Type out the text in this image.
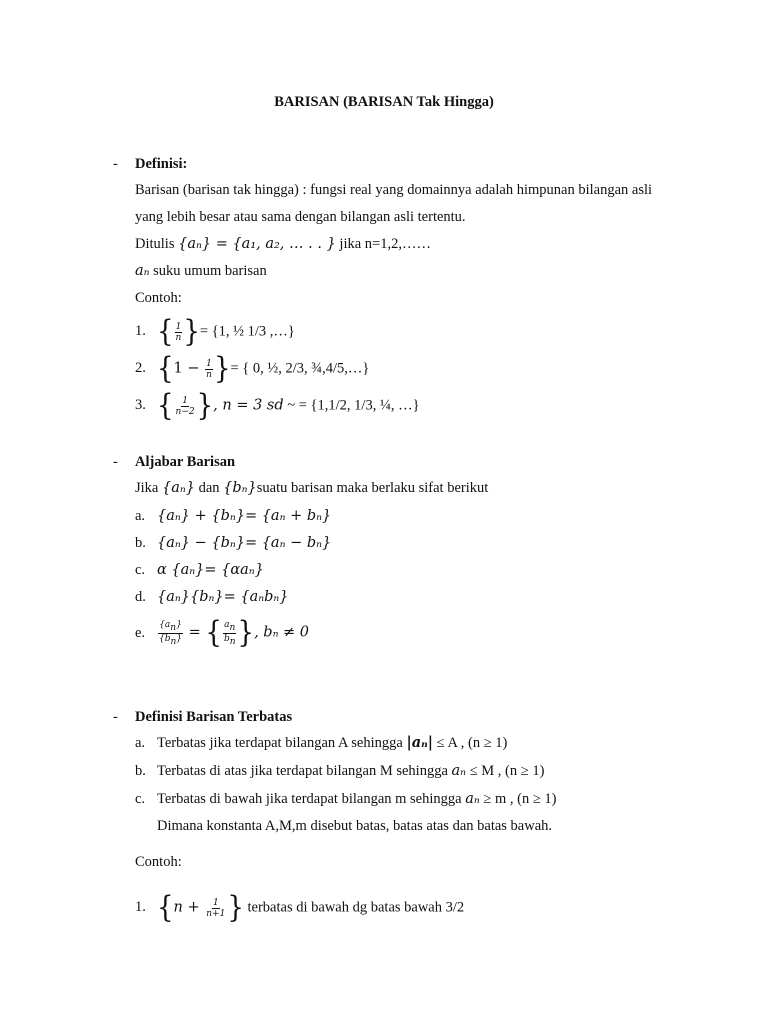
BARISAN (BARISAN Tak Hingga)
- Definisi:
Barisan (barisan tak hingga) : fungsi real yang domainnya adalah himpunan bilangan asli
yang lebih besar atau sama dengan bilangan asli tertentu.
Ditulis {aₙ} = {a₁, a₂, … . . } jika n=1,2,……
aₙ suku umum barisan
Contoh:
1. { $\frac{1}{n}$ }= {1, ½ 1/3 ,…}
2. {$1 - \frac{1}{n}$ }= { 0, ½, 2/3, ¾,4/5,…}
3. { $\frac{1}{n-2}$ }, n = 3 sd ~ = {1,1/2, 1/3, ¼, …}
- Aljabar Barisan
Jika {aₙ} dan {bₙ}suatu barisan maka berlaku sifat berikut
a. {aₙ} + {bₙ}= {aₙ + bₙ}
b. {aₙ} − {bₙ}= {aₙ − bₙ}
c. α {aₙ}= {αaₙ}
d. {aₙ}{bₙ}= {aₙbₙ}
e. $\frac{\{a_n\}}{\{b_n\}}$ = { $\frac{a_n}{b_n}$ }, bₙ ≠ 0
- Definisi Barisan Terbatas
a. Terbatas jika terdapat bilangan A sehingga |aₙ| ≤ A , (n ≥ 1)
b. Terbatas di atas jika terdapat bilangan M sehingga aₙ ≤ M , (n ≥ 1)
c. Terbatas di bawah jika terdapat bilangan m sehingga aₙ ≥ m , (n ≥ 1)
Dimana konstanta A,M,m disebut batas, batas atas dan batas bawah.
Contoh:
1. {$n + \frac{1}{n+1}$ } terbatas di bawah dg batas bawah 3/2
